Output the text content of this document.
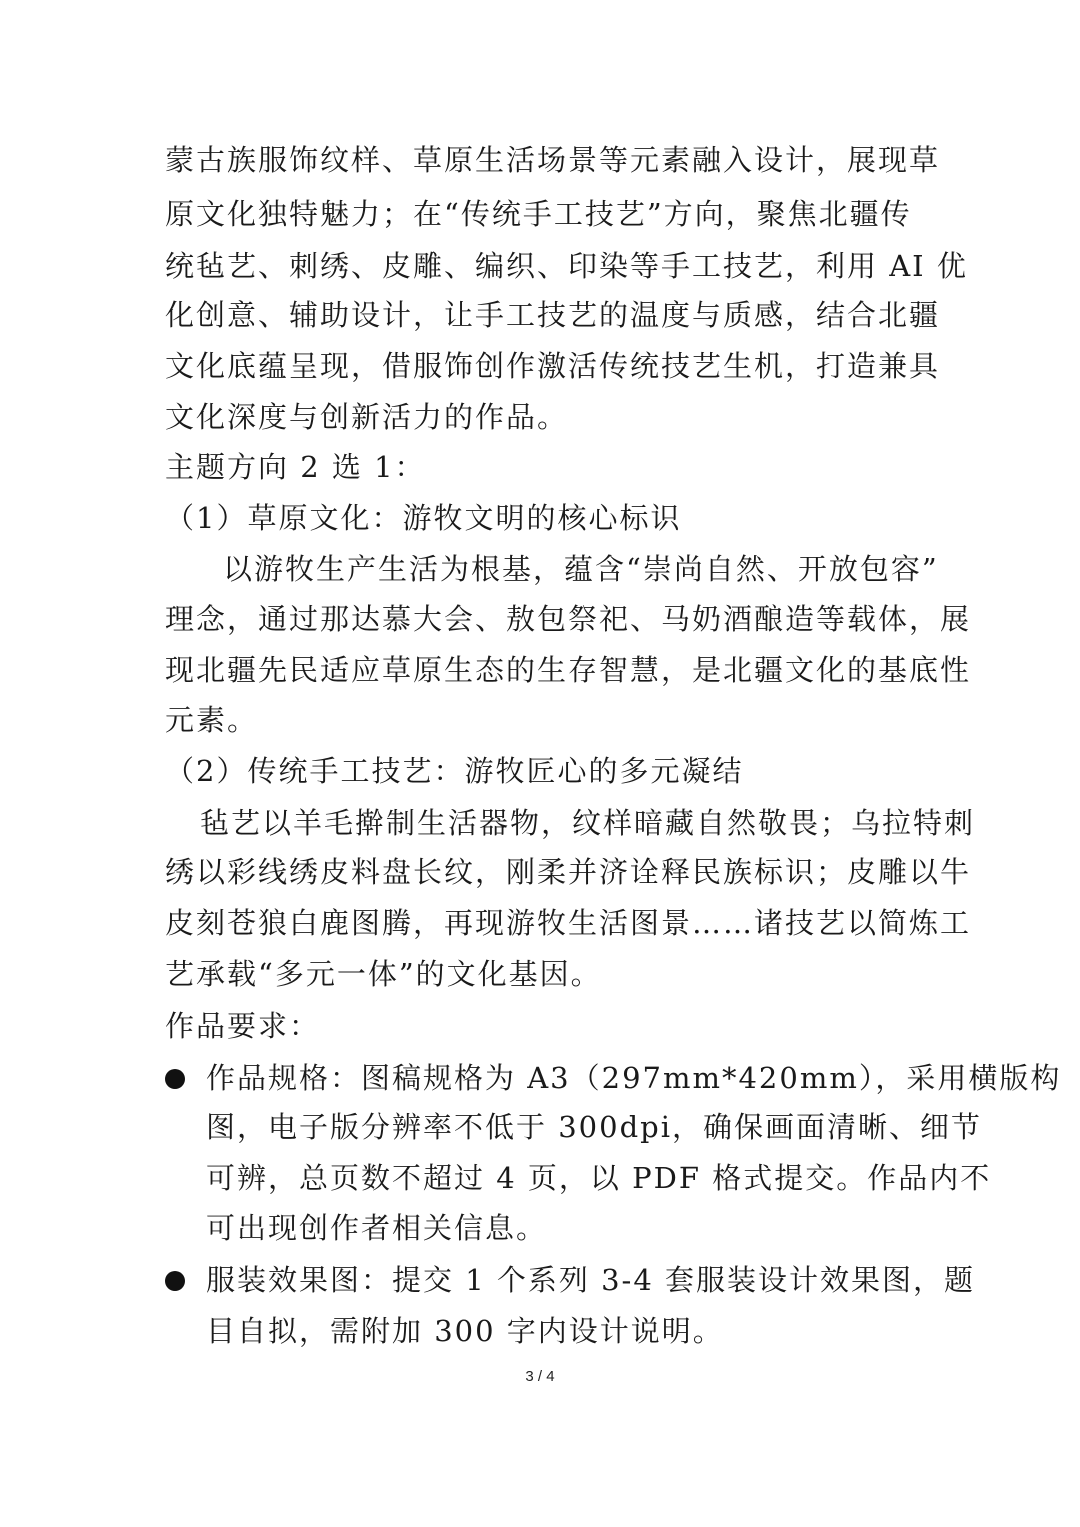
蒙古族服饰纹样、草原生活场景等元素融入设计，展现草
原文化独特魅力；在“传统手工技艺”方向，聚焦北疆传
统毡艺、刺绣、皮雕、编织、印染等手工技艺，利用 AI 优
化创意、辅助设计，让手工技艺的温度与质感，结合北疆
文化底蕴呈现，借服饰创作激活传统技艺生机，打造兼具
文化深度与创新活力的作品。
主题方向 2 选 1：
（1）草原文化：游牧文明的核心标识
以游牧生产生活为根基，蕴含“崇尚自然、开放包容”
理念，通过那达慕大会、敖包祭祀、马奶酒酿造等载体，展
现北疆先民适应草原生态的生存智慧，是北疆文化的基底性
元素。
（2）传统手工技艺：游牧匠心的多元凝结
毡艺以羊毛擀制生活器物，纹样暗藏自然敬畏；乌拉特刺
绣以彩线绣皮料盘长纹，刚柔并济诠释民族标识；皮雕以牛
皮刻苍狼白鹿图腾，再现游牧生活图景……诸技艺以简炼工
艺承载“多元一体”的文化基因。
作品要求：
作品规格：图稿规格为 A3（297mm*420mm），采用横版构
图，电子版分辨率不低于 300dpi，确保画面清晰、细节
可辨，总页数不超过 4 页，以 PDF 格式提交。作品内不
可出现创作者相关信息。
服装效果图：提交 1 个系列 3-4 套服装设计效果图，题
目自拟，需附加 300 字内设计说明。
3 / 4
